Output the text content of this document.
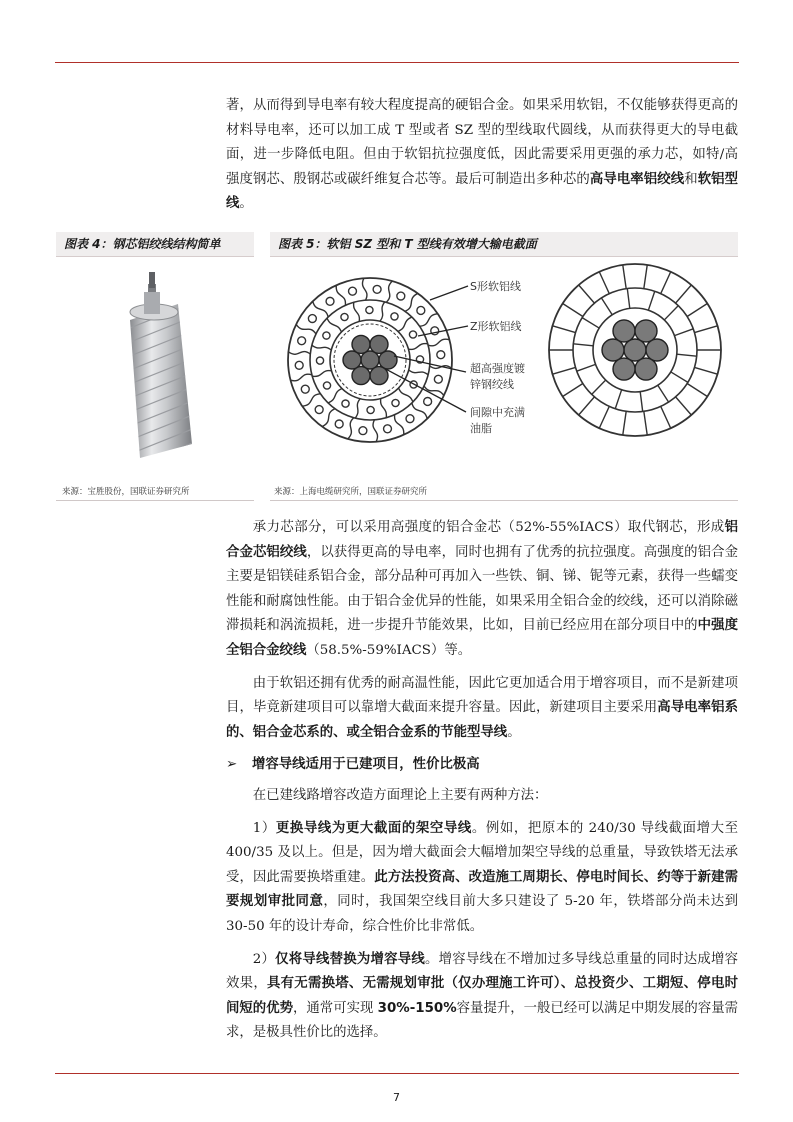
著，从而得到导电率有较大程度提高的硬铝合金。如果采用软铝，不仅能够获得更高的材料导电率，还可以加工成 T 型或者 SZ 型的型线取代圆线，从而获得更大的导电截面，进一步降低电阻。但由于软铝抗拉强度低，因此需要采用更强的承力芯，如特/高强度钢芯、殷钢芯或碳纤维复合芯等。最后可制造出多种芯的高导电率铝绞线和软铝型线。

图表 4：钢芯铝绞线结构简单
来源：宝胜股份，国联证券研究所
图表 5：软铝 SZ 型和 T 型线有效增大输电截面
S形软铝线
Z形软铝线
超高强度镀
锌钢绞线
间隙中充满
油脂
来源：上海电缆研究所，国联证券研究所

承力芯部分，可以采用高强度的铝合金芯（52%-55%IACS）取代钢芯，形成铝合金芯铝绞线，以获得更高的导电率，同时也拥有了优秀的抗拉强度。高强度的铝合金主要是铝镁硅系铝合金，部分品种可再加入一些铁、铜、锑、铌等元素，获得一些蠕变性能和耐腐蚀性能。由于铝合金优异的性能，如果采用全铝合金的绞线，还可以消除磁滞损耗和涡流损耗，进一步提升节能效果，比如，目前已经应用在部分项目中的中强度全铝合金绞线（58.5%-59%IACS）等。

由于软铝还拥有优秀的耐高温性能，因此它更加适合用于增容项目，而不是新建项目，毕竟新建项目可以靠增大截面来提升容量。因此，新建项目主要采用高导电率铝系的、铝合金芯系的、或全铝合金系的节能型导线。

➢ 增容导线适用于已建项目，性价比极高

在已建线路增容改造方面理论上主要有两种方法：

1）更换导线为更大截面的架空导线。例如，把原本的 240/30 导线截面增大至 400/35 及以上。但是，因为增大截面会大幅增加架空导线的总重量，导致铁塔无法承受，因此需要换塔重建。此方法投资高、改造施工周期长、停电时间长、约等于新建需要规划审批同意，同时，我国架空线目前大多只建设了 5-20 年，铁塔部分尚未达到 30-50 年的设计寿命，综合性价比非常低。

2）仅将导线替换为增容导线。增容导线在不增加过多导线总重量的同时达成增容效果，具有无需换塔、无需规划审批（仅办理施工许可）、总投资少、工期短、停电时间短的优势，通常可实现 30%-150%容量提升，一般已经可以满足中期发展的容量需求，是极具性价比的选择。

7
